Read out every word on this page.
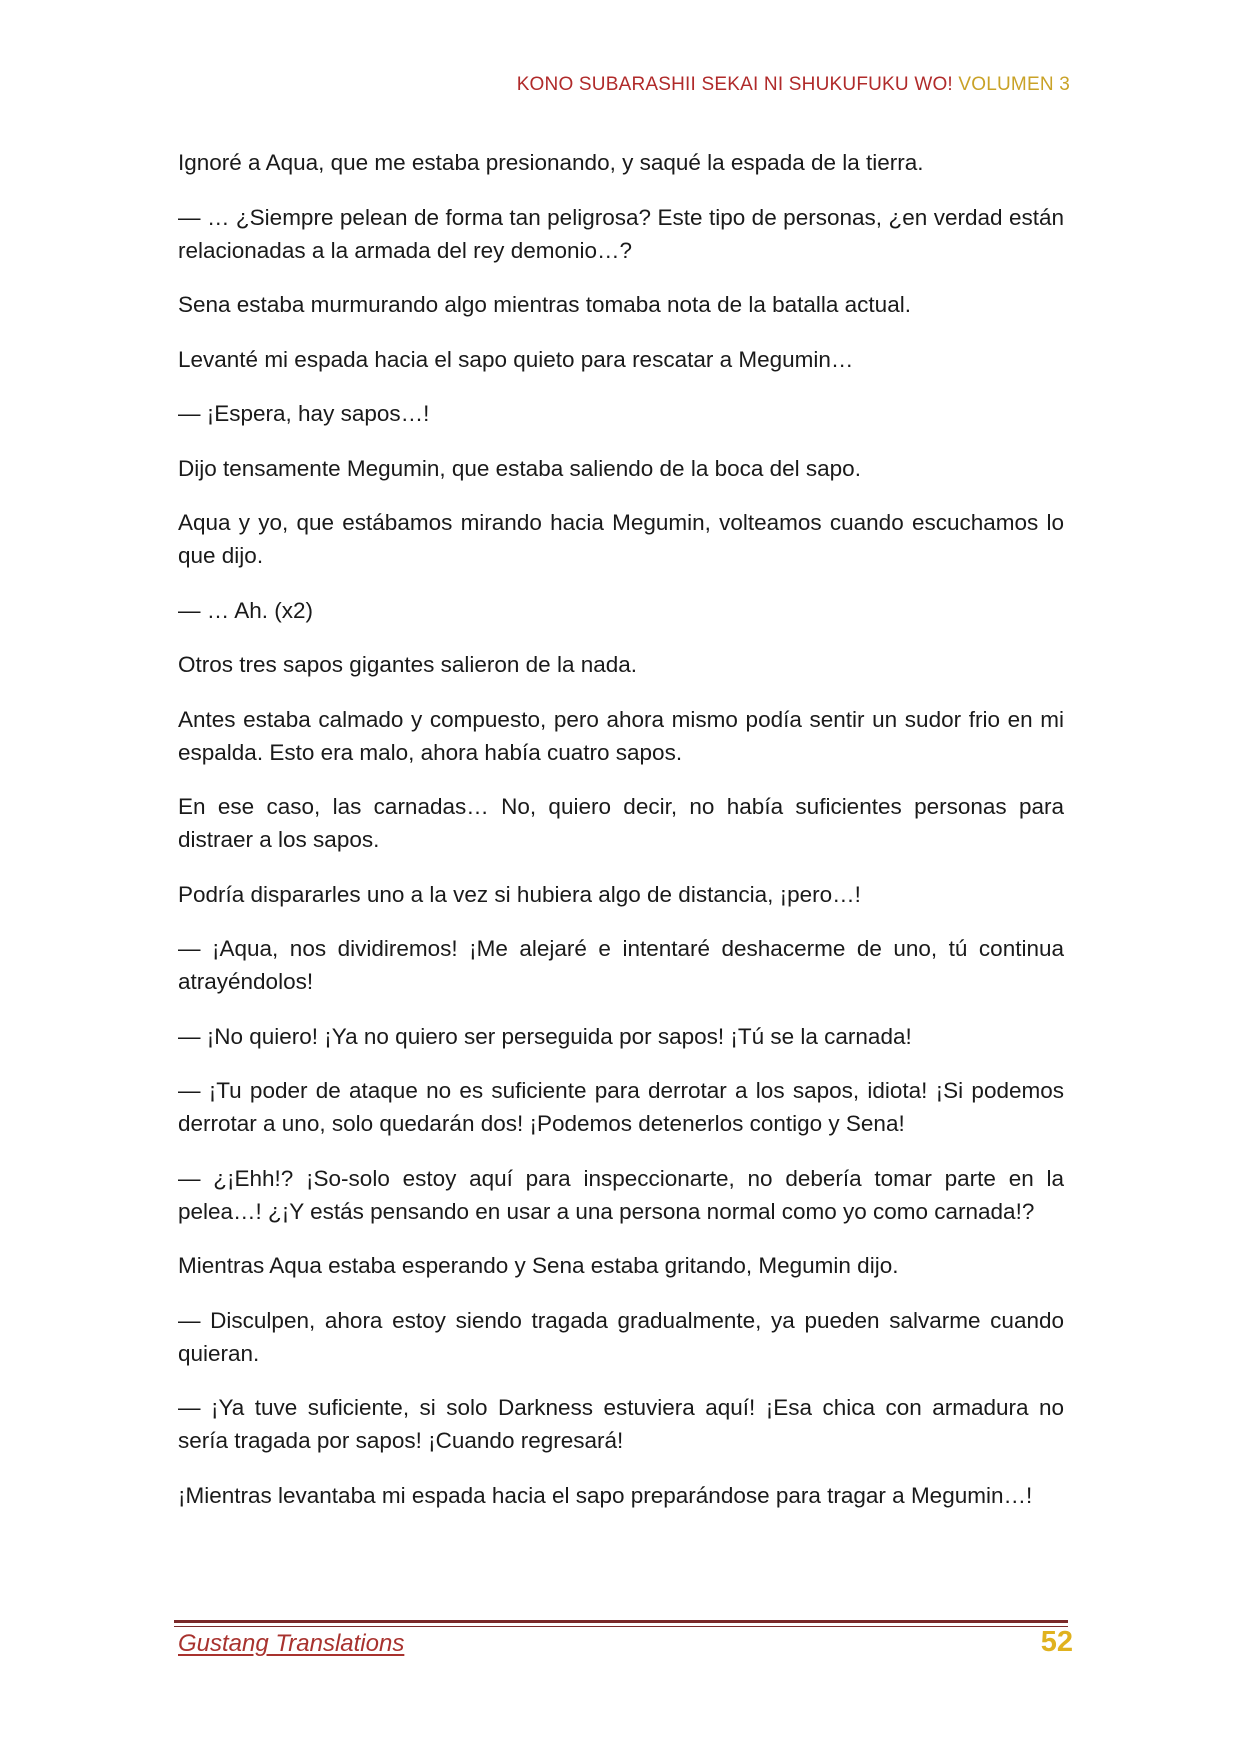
KONO SUBARASHII SEKAI NI SHUKUFUKU WO! VOLUMEN 3

Ignoré a Aqua, que me estaba presionando, y saqué la espada de la tierra.

— … ¿Siempre pelean de forma tan peligrosa? Este tipo de personas, ¿en verdad están relacionadas a la armada del rey demonio…?

Sena estaba murmurando algo mientras tomaba nota de la batalla actual.

Levanté mi espada hacia el sapo quieto para rescatar a Megumin…

— ¡Espera, hay sapos…!

Dijo tensamente Megumin, que estaba saliendo de la boca del sapo.

Aqua y yo, que estábamos mirando hacia Megumin, volteamos cuando escuchamos lo que dijo.

— … Ah. (x2)

Otros tres sapos gigantes salieron de la nada.

Antes estaba calmado y compuesto, pero ahora mismo podía sentir un sudor frio en mi espalda. Esto era malo, ahora había cuatro sapos.

En ese caso, las carnadas… No, quiero decir, no había suficientes personas para distraer a los sapos.

Podría dispararles uno a la vez si hubiera algo de distancia, ¡pero…!

— ¡Aqua, nos dividiremos! ¡Me alejaré e intentaré deshacerme de uno, tú continua atrayéndolos!

— ¡No quiero! ¡Ya no quiero ser perseguida por sapos! ¡Tú se la carnada!

— ¡Tu poder de ataque no es suficiente para derrotar a los sapos, idiota! ¡Si podemos derrotar a uno, solo quedarán dos! ¡Podemos detenerlos contigo y Sena!

— ¿¡Ehh!? ¡So-solo estoy aquí para inspeccionarte, no debería tomar parte en la pelea…! ¿¡Y estás pensando en usar a una persona normal como yo como carnada!?

Mientras Aqua estaba esperando y Sena estaba gritando, Megumin dijo.

— Disculpen, ahora estoy siendo tragada gradualmente, ya pueden salvarme cuando quieran.

— ¡Ya tuve suficiente, si solo Darkness estuviera aquí! ¡Esa chica con armadura no sería tragada por sapos! ¡Cuando regresará!

¡Mientras levantaba mi espada hacia el sapo preparándose para tragar a Megumin…!

Gustang Translations	52
